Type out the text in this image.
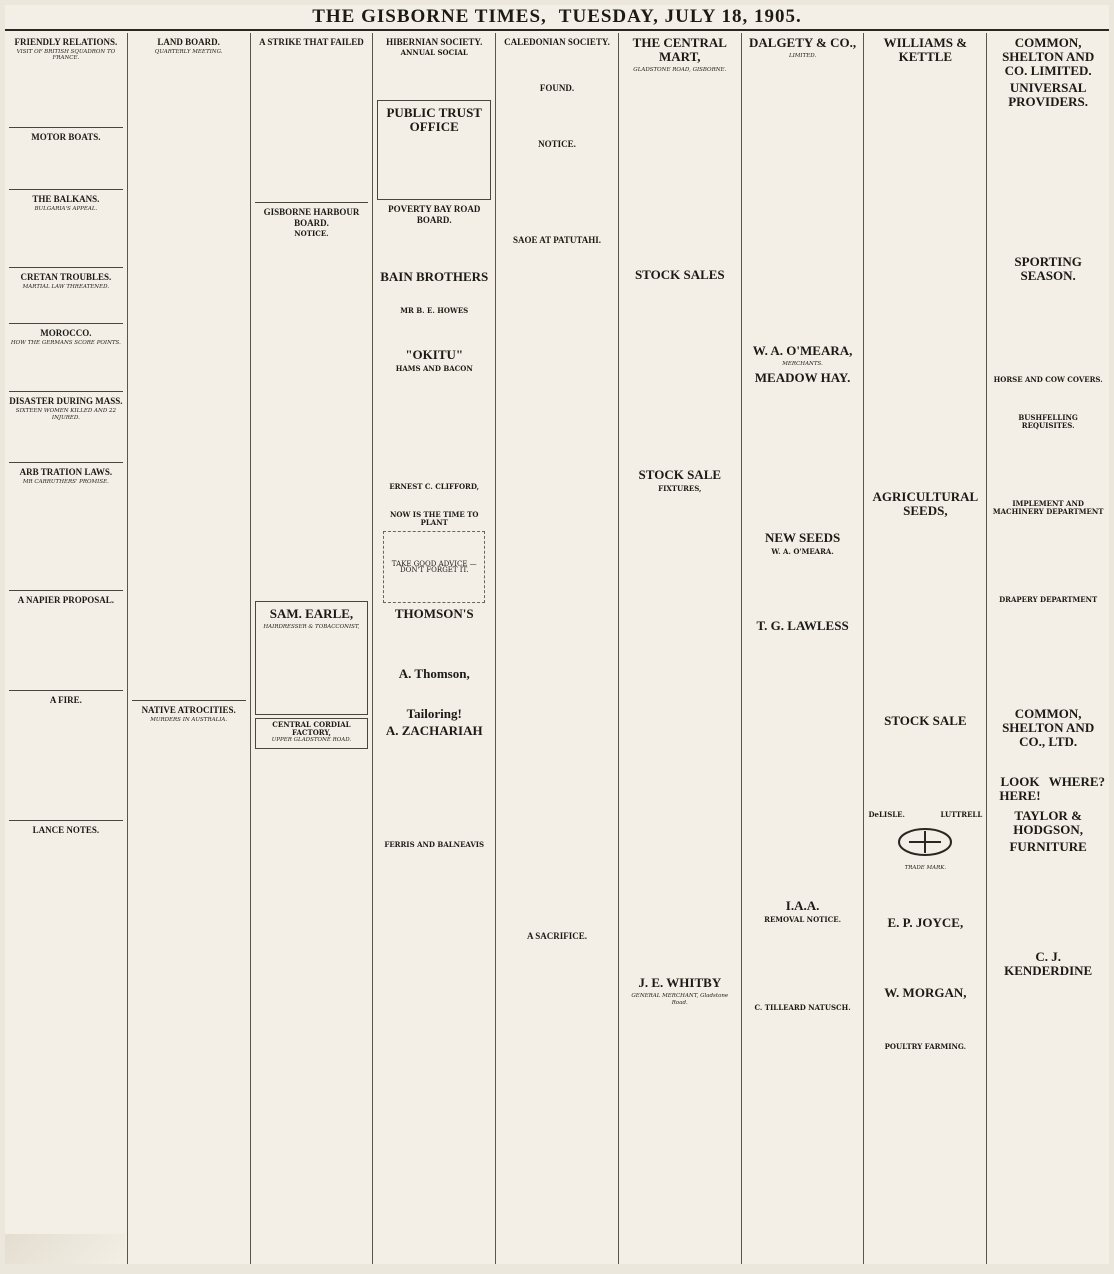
THE GISBORNE TIMES, TUESDAY, JULY 18, 1905.
FRIENDLY RELATIONS.
VISIT OF BRITISH SQUADRON TO FRANCE.
MOTOR BOATS.
THE BALKANS.
BULGARIA'S APPEAL.
CRETAN TROUBLES.
MARTIAL LAW THREATENED.
MOROCCO.
HOW THE GERMANS SCORE POINTS.
DISASTER DURING MASS.
SIXTEEN WOMEN KILLED AND 22 INJURED.
ARB TRATION LAWS.
MR CARRUTHERS' PROMISE.
A NAPIER PROPOSAL.
A FIRE.
LANCE NOTES.
LAND BOARD.
QUARTERLY MEETING.
NATIVE ATROCITIES.
MURDERS IN AUSTRALIA.
A STRIKE THAT FAILED
GISBORNE HARBOUR BOARD.
NOTICE.
SAM. EARLE,
HAIRDRESSER & TOBACCONIST,
CENTRAL CORDIAL FACTORY,
UPPER GLADSTONE ROAD.
HIBERNIAN SOCIETY.
ANNUAL SOCIAL
PUBLIC TRUST OFFICE
POVERTY BAY ROAD BOARD.
BAIN BROTHERS
MR B. E. HOWES
"OKITU"
HAMS AND BACON
ERNEST C. CLIFFORD,
NOW IS THE TIME TO PLANT
TAKE GOOD ADVICE — DON'T FORGET IT.
THOMSON'S
A. Thomson,
Tailoring!
A. ZACHARIAH
FERRIS AND BALNEAVIS
CALEDONIAN SOCIETY.
FOUND.
NOTICE.
SAOE AT PATUTAHI.
A SACRIFICE.
THE CENTRAL MART,
GLADSTONE ROAD, GISBORNE.
STOCK SALES
STOCK SALE
FIXTURES,
J. E. WHITBY
GENERAL MERCHANT, Gladstone Road.
DALGETY & CO.,
LIMITED.
W. A. O'MEARA,
MERCHANTS.
MEADOW HAY.
NEW SEEDS
W. A. O'MEARA.
T. G. LAWLESS
I.A.A.
REMOVAL NOTICE.
C. TILLEARD NATUSCH.
WILLIAMS & KETTLE
AGRICULTURAL SEEDS,
STOCK SALE
DeLISLE.	LUTTRELL
TRADE MARK.
E. P. JOYCE,
W. MORGAN,
POULTRY FARMING.
COMMON, SHELTON AND CO. LIMITED.
UNIVERSAL PROVIDERS.
SPORTING SEASON.
HORSE AND COW COVERS.
BUSHFELLING REQUISITES.
IMPLEMENT AND MACHINERY DEPARTMENT
DRAPERY DEPARTMENT
COMMON, SHELTON AND CO., LTD.
LOOK HERE!
WHERE?
TAYLOR & HODGSON,
FURNITURE
C. J. KENDERDINE
